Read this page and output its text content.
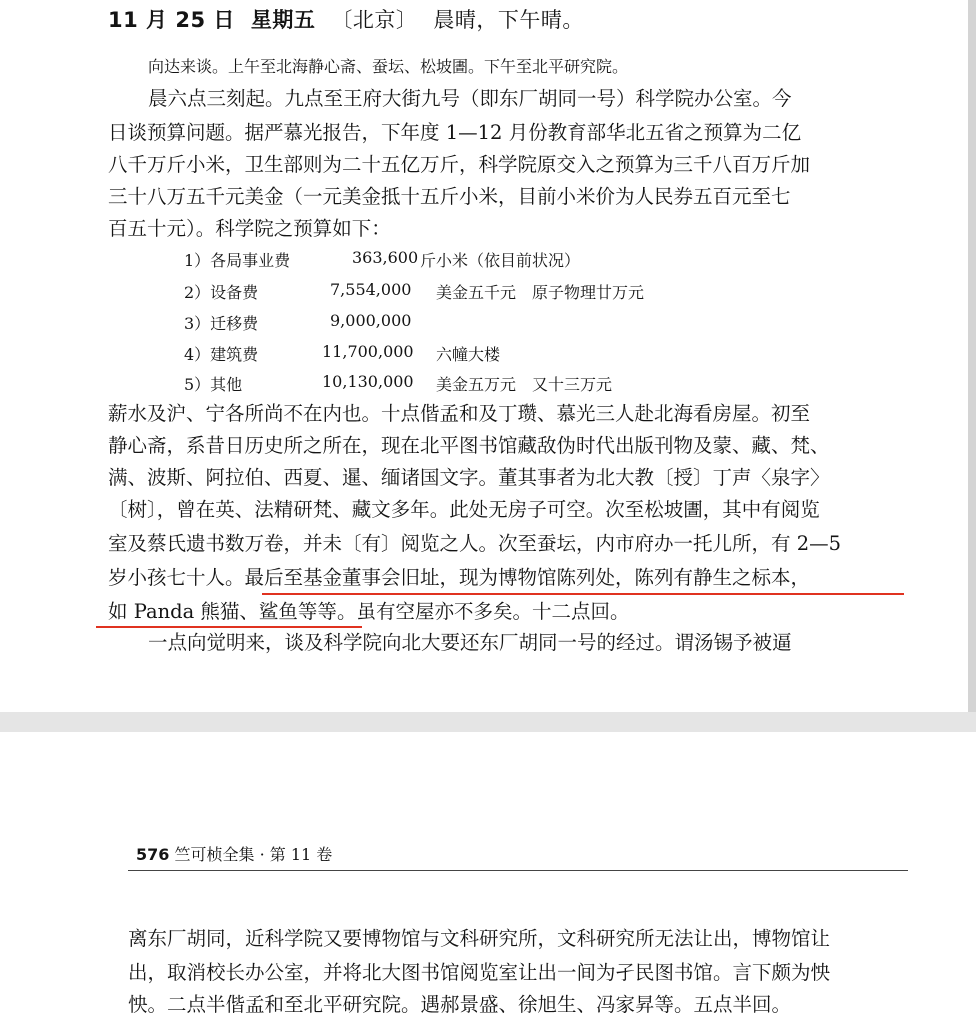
11 月 25 日 星期五 〔北京〕 晨晴，下午晴。
向达来谈。上午至北海静心斋、蚕坛、松坡圕。下午至北平研究院。
晨六点三刻起。九点至王府大街九号（即东厂胡同一号）科学院办公室。今
日谈预算问题。据严慕光报告，下年度 1—12 月份教育部华北五省之预算为二亿
八千万斤小米，卫生部则为二十五亿万斤，科学院原交入之预算为三千八百万斤加
三十八万五千元美金（一元美金抵十五斤小米，目前小米价为人民券五百元至七
百五十元）。科学院之预算如下：
1）各局事业费	363,600 斤小米（依目前状况）
2）设备费	7,554,000 美金五千元　原子物理廿万元
3）迁移费	9,000,000
4）建筑费	11,700,000 六幢大楼
5）其他	10,130,000 美金五万元　又十三万元
薪水及沪、宁各所尚不在内也。十点偕孟和及丁瓒、慕光三人赴北海看房屋。初至
静心斋，系昔日历史所之所在，现在北平图书馆藏敌伪时代出版刊物及蒙、藏、梵、
满、波斯、阿拉伯、西夏、暹、缅诸国文字。董其事者为北大教〔授〕丁声〈泉字〉
〔树〕，曾在英、法精研梵、藏文多年。此处无房子可空。次至松坡圕，其中有阅览
室及蔡氏遗书数万卷，并未〔有〕阅览之人。次至蚕坛，内市府办一托儿所，有 2—5
岁小孩七十人。最后至基金董事会旧址，现为博物馆陈列处，陈列有静生之标本，
如 Panda 熊猫、鲨鱼等等。虽有空屋亦不多矣。十二点回。
一点向觉明来，谈及科学院向北大要还东厂胡同一号的经过。谓汤锡予被逼
576 竺可桢全集 · 第 11 卷
离东厂胡同，近科学院又要博物馆与文科研究所，文科研究所无法让出，博物馆让
出，取消校长办公室，并将北大图书馆阅览室让出一间为孑民图书馆。言下颇为怏
怏。二点半偕孟和至北平研究院。遇郝景盛、徐旭生、冯家昇等。五点半回。
